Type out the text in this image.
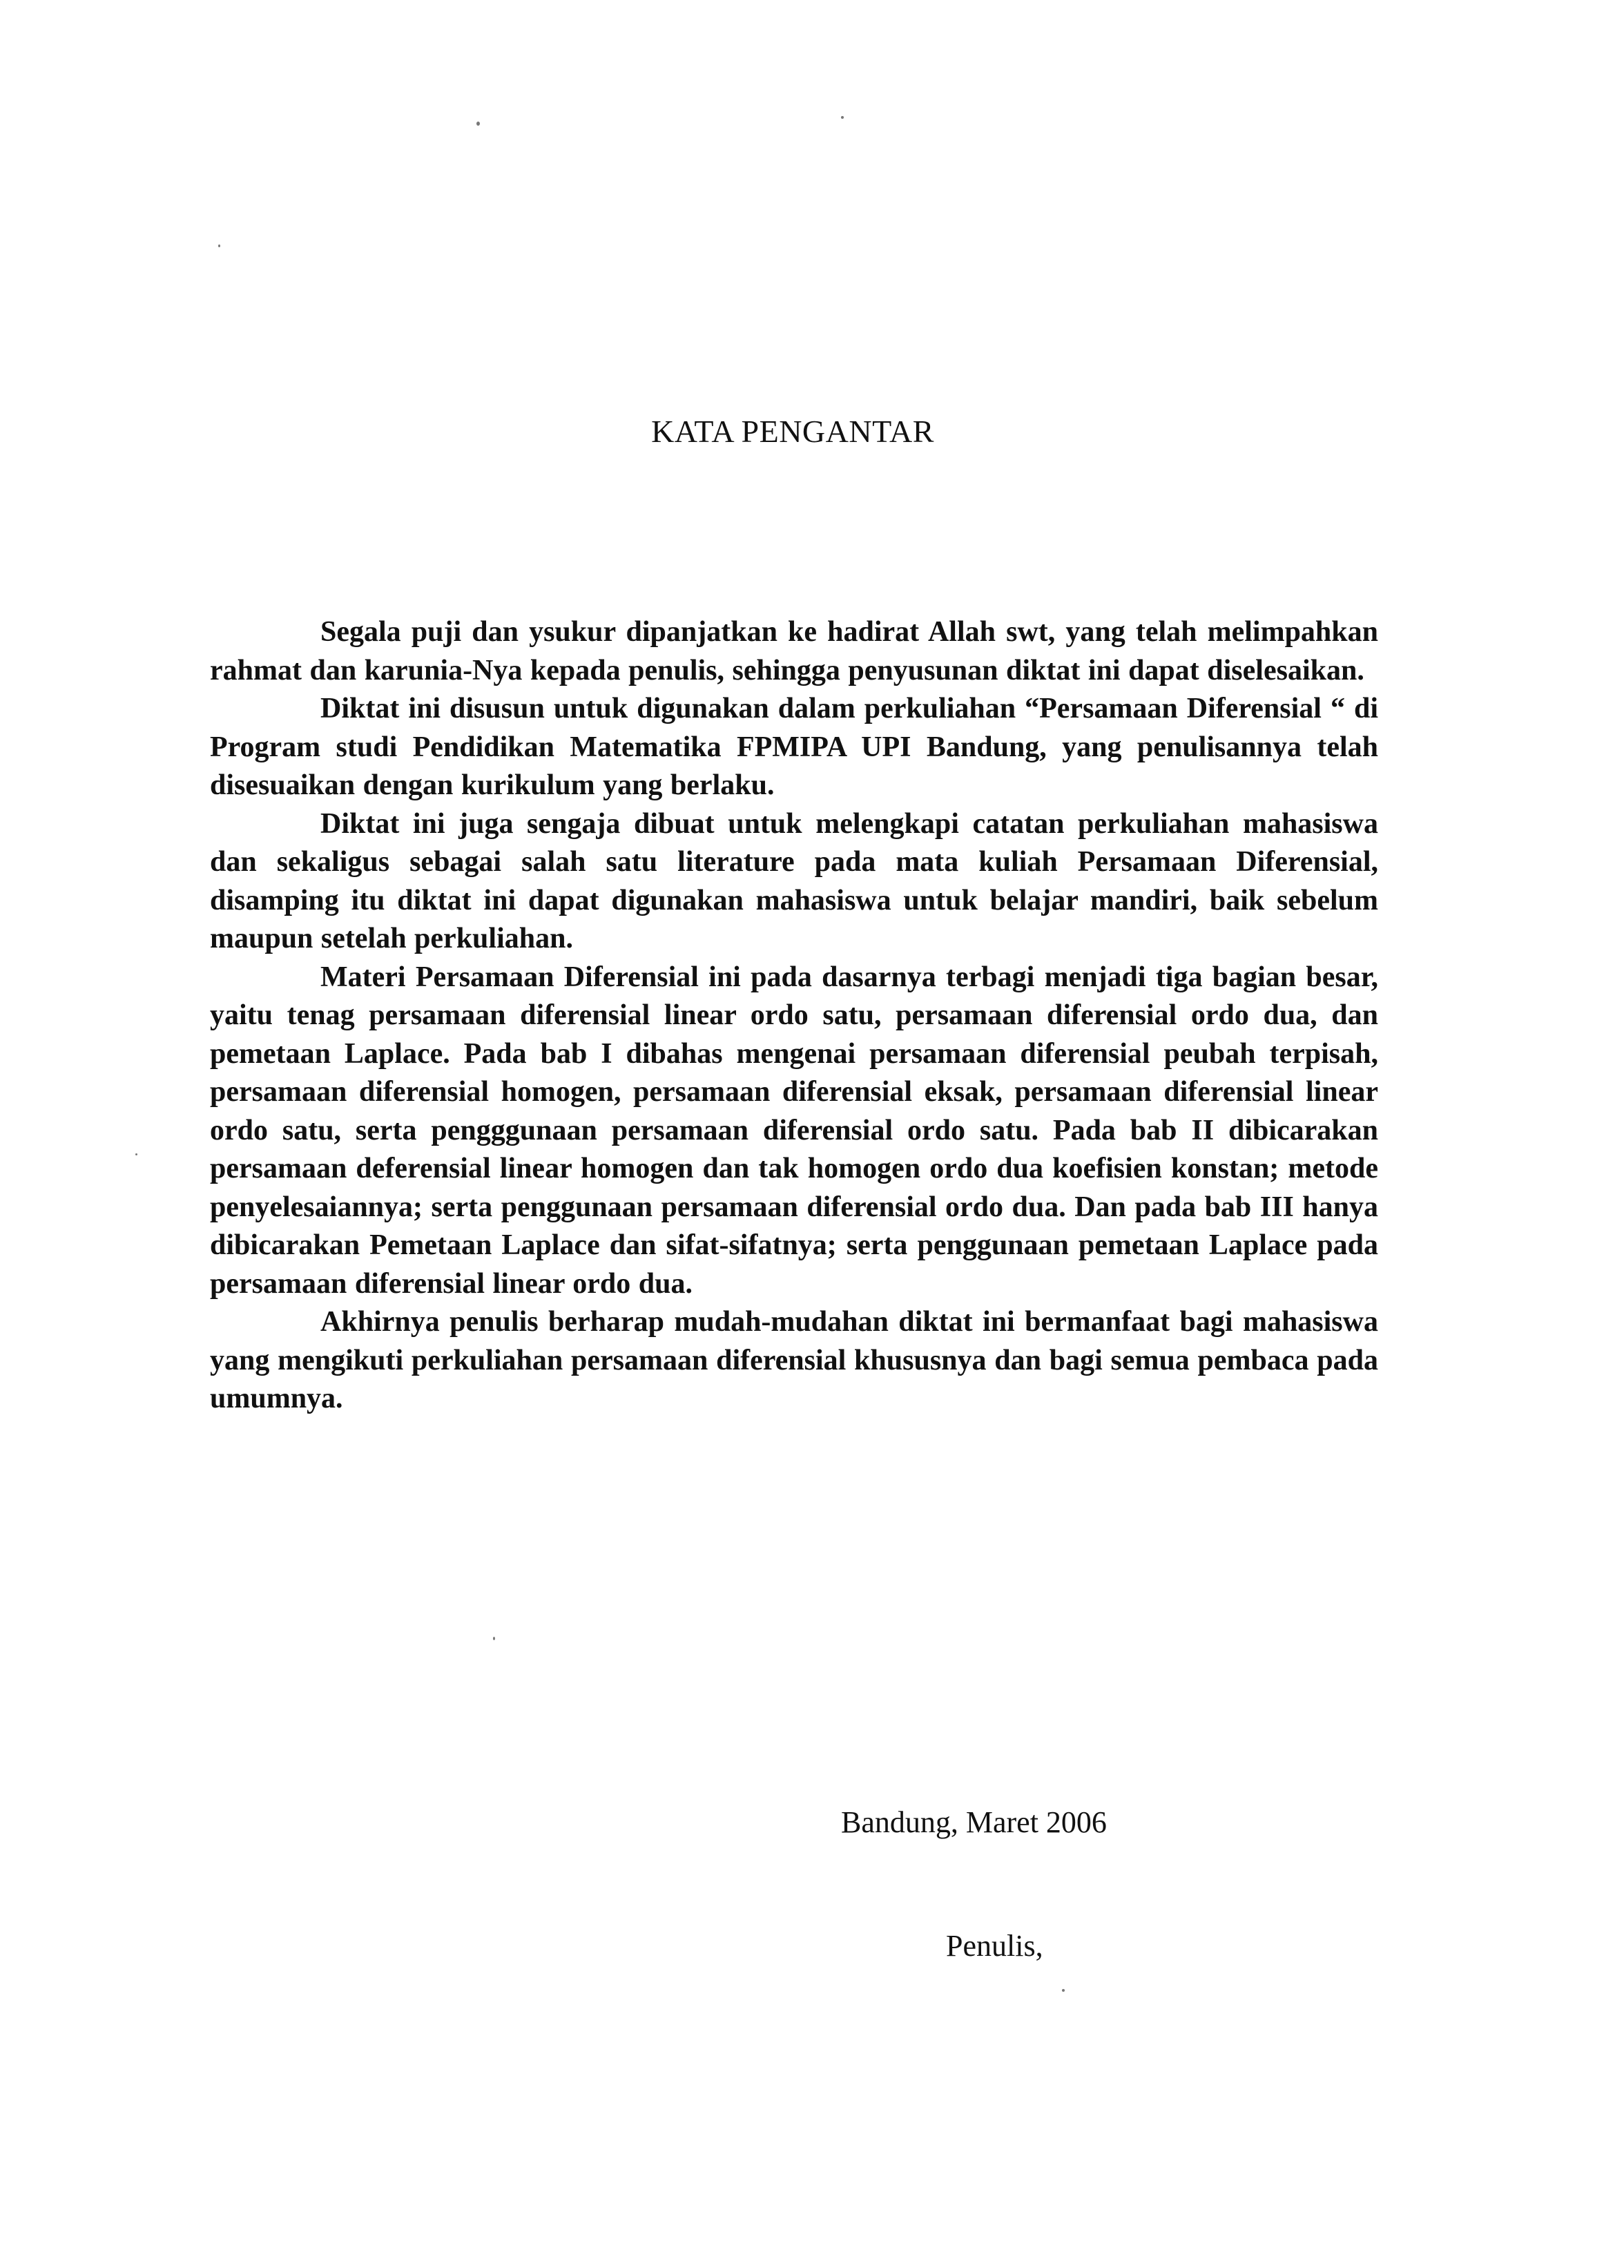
KATA PENGANTAR

Segala puji dan ysukur dipanjatkan ke hadirat Allah swt, yang telah melimpahkan rahmat dan karunia-Nya kepada penulis, sehingga penyusunan diktat ini dapat diselesaikan.

Diktat ini disusun untuk digunakan dalam perkuliahan “Persamaan Diferensial “ di Program studi Pendidikan Matematika FPMIPA UPI Bandung, yang penulisannya telah disesuaikan dengan kurikulum yang berlaku.

Diktat ini juga sengaja dibuat untuk melengkapi catatan perkuliahan mahasiswa dan sekaligus sebagai salah satu literature pada mata kuliah Persamaan Diferensial, disamping itu diktat ini dapat digunakan mahasiswa untuk belajar mandiri, baik sebelum maupun setelah perkuliahan.

Materi Persamaan Diferensial ini pada dasarnya terbagi menjadi tiga bagian besar, yaitu tenag persamaan diferensial linear ordo satu, persamaan diferensial ordo dua, dan pemetaan Laplace. Pada bab I dibahas mengenai persamaan diferensial peubah terpisah, persamaan diferensial homogen, persamaan diferensial eksak, persamaan diferensial linear ordo satu, serta pengggunaan persamaan diferensial ordo satu. Pada bab II dibicarakan persamaan deferensial linear homogen dan tak homogen ordo dua koefisien konstan; metode penyelesaiannya; serta penggunaan persamaan diferensial ordo dua. Dan pada bab III hanya dibicarakan Pemetaan Laplace dan sifat-sifatnya; serta penggunaan pemetaan Laplace pada persamaan diferensial linear ordo dua.

Akhirnya penulis berharap mudah-mudahan diktat ini bermanfaat bagi mahasiswa yang mengikuti perkuliahan persamaan diferensial khususnya dan bagi semua pembaca pada umumnya.

Bandung, Maret 2006

Penulis,
